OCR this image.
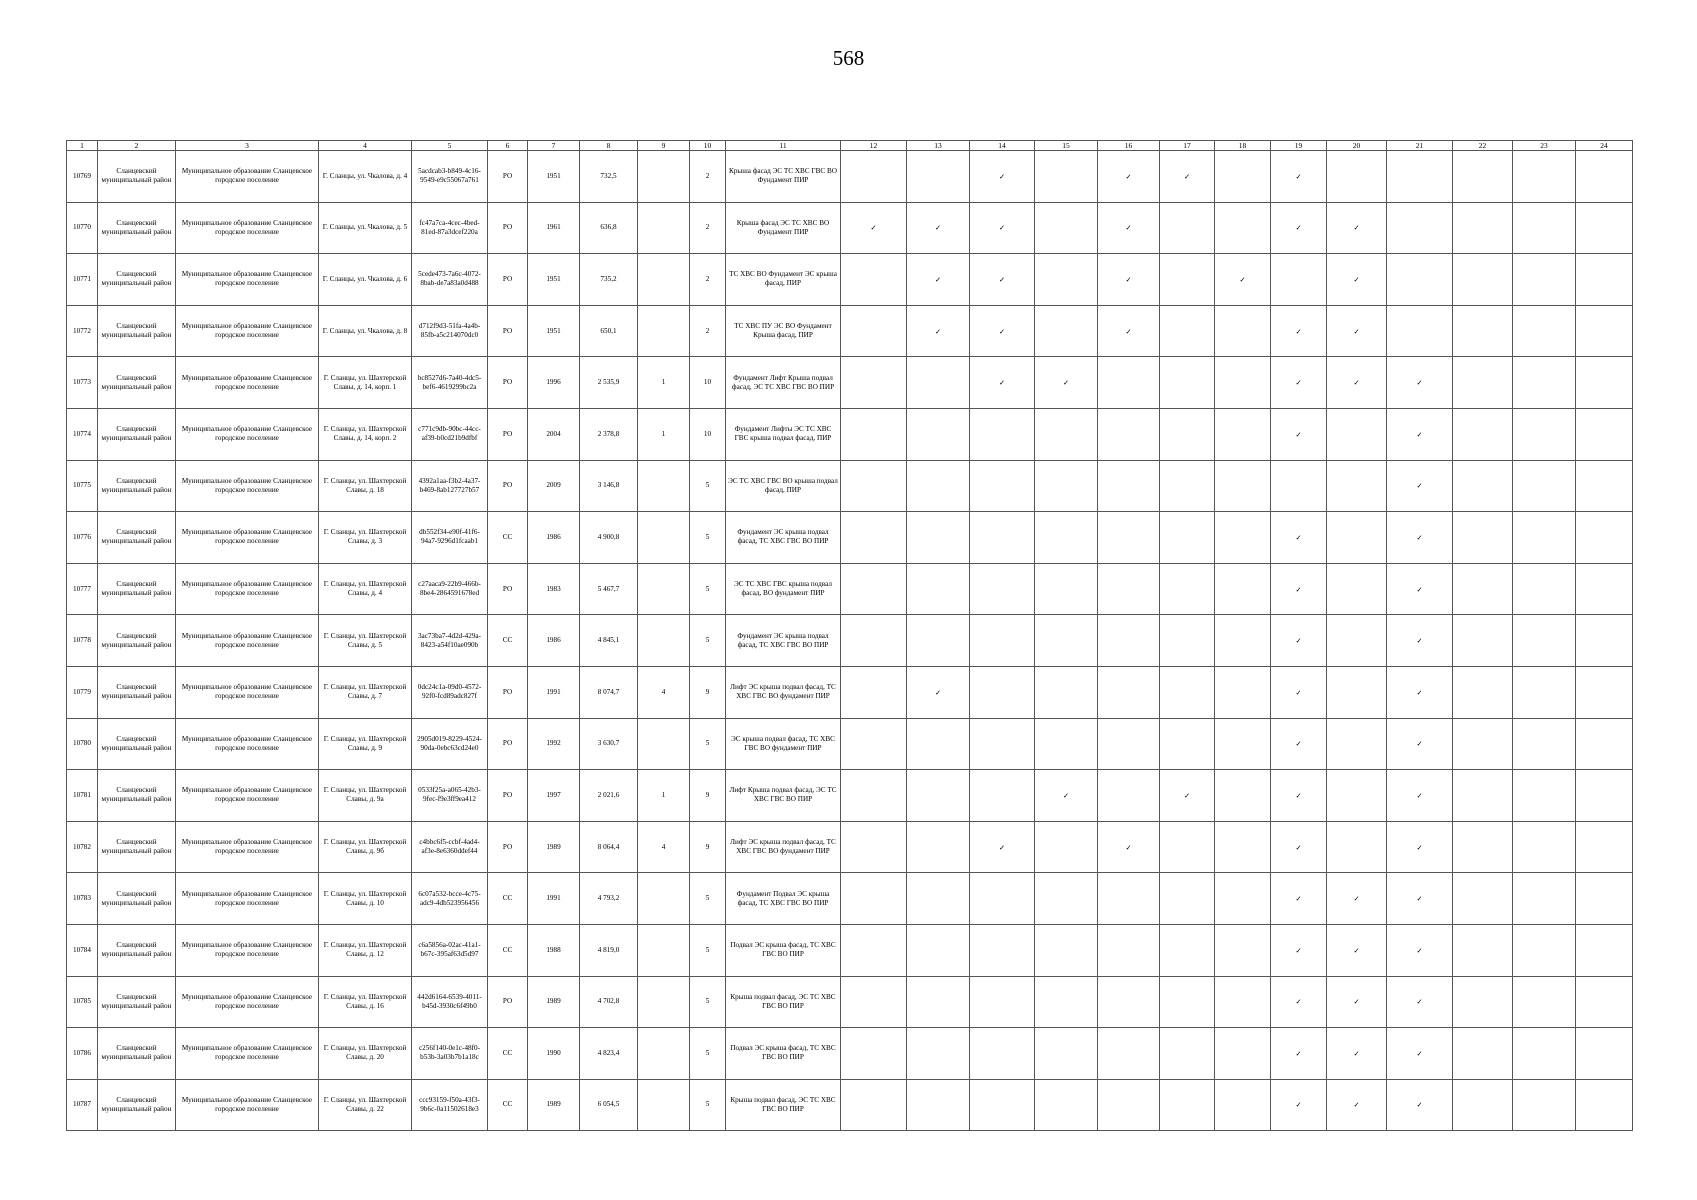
568
1	2	3	4	5	6	7	8	9	10	11	12	13	14	15	16	17	18	19	20	21	22	23	24
10769	Сланцевский муниципальный район	Муниципальное образование Сланцевское городское поселение	Г. Сланцы, ул. Чкалова, д. 4	5acdcab3-b849-4c16-9549-e9c55067a761	РО	1951	732,5		2	Крыша фасад ЭС ТС ХВС ГВС ВО Фундамент ПИР			✓		✓	✓		✓					
10770	Сланцевский муниципальный район	Муниципальное образование Сланцевское городское поселение	Г. Сланцы, ул. Чкалова, д. 5	fc47a7ca-4cec-4bed-81ed-87a3dcef220a	РО	1961	636,8		2	Крыша фасад ЭС ТС ХВС ВО Фундамент ПИР	✓	✓	✓		✓			✓	✓				
10771	Сланцевский муниципальный район	Муниципальное образование Сланцевское городское поселение	Г. Сланцы, ул. Чкалова, д. 6	5cede473-7a6c-4072-8bab-de7a83a0d488	РО	1951	735,2		2	ТС ХВС ВО Фундамент ЭС крыша фасад, ПИР		✓	✓		✓		✓		✓				
10772	Сланцевский муниципальный район	Муниципальное образование Сланцевское городское поселение	Г. Сланцы, ул. Чкалова, д. 8	d712f9d3-51fa-4a4b-85fb-a5c214070dc0	РО	1951	650,1		2	ТС ХВС ПУ ЭС ВО Фундамент Крыша фасад, ПИР		✓	✓		✓			✓	✓				
10773	Сланцевский муниципальный район	Муниципальное образование Сланцевское городское поселение	Г. Сланцы, ул. Шахтерской Славы, д. 14, корп. 1	bc8527d6-7a40-4dc5-bef6-4619299bc2a	РО	1996	2 535,9	1	10	Фундамент Лифт Крыша подвал фасад, ЭС ТС ХВС ГВС ВО ПИР			✓	✓				✓	✓	✓			
10774	Сланцевский муниципальный район	Муниципальное образование Сланцевское городское поселение	Г. Сланцы, ул. Шахтерской Славы, д. 14, корп. 2	c771c9db-90bc-44cc-af39-b0cd21b9dfbf	РО	2004	2 378,8	1	10	Фундамент Лифты ЭС ТС ХВС ГВС крыша подвал фасад, ПИР								✓		✓			
10775	Сланцевский муниципальный район	Муниципальное образование Сланцевское городское поселение	Г. Сланцы, ул. Шахтерской Славы, д. 18	4392a1aa-f3b2-4a37-b469-8ab127727b57	РО	2009	3 146,8		5	ЭС ТС ХВС ГВС ВО крыша подвал фасад, ПИР										✓			
10776	Сланцевский муниципальный район	Муниципальное образование Сланцевское городское поселение	Г. Сланцы, ул. Шахтерской Славы, д. 3	db552f34-e90f-41f6-94a7-9296d1fcaab1	СС	1986	4 900,8		5	Фундамент ЭС крыша подвал фасад, ТС ХВС ГВС ВО ПИР								✓		✓			
10777	Сланцевский муниципальный район	Муниципальное образование Сланцевское городское поселение	Г. Сланцы, ул. Шахтерской Славы, д. 4	c27aaca9-22b9-466b-8be4-2864591678ed	РО	1983	5 467,7		5	ЭС ТС ХВС ГВС крыша подвал фасад, ВО фундамент ПИР								✓		✓			
10778	Сланцевский муниципальный район	Муниципальное образование Сланцевское городское поселение	Г. Сланцы, ул. Шахтерской Славы, д. 5	3ac73ba7-4d2d-429a-8423-a54f10ae090b	СС	1986	4 845,1		5	Фундамент ЭС крыша подвал фасад, ТС ХВС ГВС ВО ПИР								✓		✓			
10779	Сланцевский муниципальный район	Муниципальное образование Сланцевское городское поселение	Г. Сланцы, ул. Шахтерской Славы, д. 7	0dc24c1a-09d0-4572-92f0-fcd89adc827f	РО	1991	8 074,7	4	9	Лифт ЭС крыша подвал фасад, ТС ХВС ГВС ВО фундамент ПИР		✓						✓		✓			
10780	Сланцевский муниципальный район	Муниципальное образование Сланцевское городское поселение	Г. Сланцы, ул. Шахтерской Славы, д. 9	2905d019-8229-4524-90da-0ebc63cd24e0	РО	1992	3 630,7		5	ЭС крыша подвал фасад, ТС ХВС ГВС ВО фундамент ПИР								✓		✓			
10781	Сланцевский муниципальный район	Муниципальное образование Сланцевское городское поселение	Г. Сланцы, ул. Шахтерской Славы, д. 9а	0533f25a-a065-42b3-9fec-f9e3ff9ea412	РО	1997	2 021,6	1	9	Лифт Крыша подвал фасад, ЭС ТС ХВС ГВС ВО ПИР				✓		✓		✓		✓			
10782	Сланцевский муниципальный район	Муниципальное образование Сланцевское городское поселение	Г. Сланцы, ул. Шахтерской Славы, д. 9б	c4bbc6f5-ccbf-4ad4-af3e-8e6360ddef44	РО	1989	8 064,4	4	9	Лифт ЭС крыша подвал фасад, ТС ХВС ГВС ВО фундамент ПИР			✓		✓			✓		✓			
10783	Сланцевский муниципальный район	Муниципальное образование Сланцевское городское поселение	Г. Сланцы, ул. Шахтерской Славы, д. 10	6c07a532-bcce-4c75-adc9-4db523956456	СС	1991	4 793,2		5	Фундамент Подвал ЭС крыша фасад, ТС ХВС ГВС ВО ПИР								✓	✓	✓			
10784	Сланцевский муниципальный район	Муниципальное образование Сланцевское городское поселение	Г. Сланцы, ул. Шахтерской Славы, д. 12	c6a5856a-02ac-41a1-b67c-395af63d5d97	СС	1988	4 819,0		5	Подвал ЭС крыша фасад, ТС ХВС ГВС ВО ПИР								✓	✓	✓			
10785	Сланцевский муниципальный район	Муниципальное образование Сланцевское городское поселение	Г. Сланцы, ул. Шахтерской Славы, д. 16	442d6164-6539-4011-b45d-3930c6f49b0	РО	1989	4 702,8		5	Крыша подвал фасад, ЭС ТС ХВС ГВС ВО ПИР								✓	✓	✓			
10786	Сланцевский муниципальный район	Муниципальное образование Сланцевское городское поселение	Г. Сланцы, ул. Шахтерской Славы, д. 20	c256f140-0e1c-48f0-b53b-3a03b7b1a18c	СС	1990	4 823,4		5	Подвал ЭС крыша фасад, ТС ХВС ГВС ВО ПИР								✓	✓	✓			
10787	Сланцевский муниципальный район	Муниципальное образование Сланцевское городское поселение	Г. Сланцы, ул. Шахтерской Славы, д. 22	ccc93159-f50a-43f3-9b6c-0a11502618e3	СС	1989	6 054,5		5	Крыша подвал фасад, ЭС ТС ХВС ГВС ВО ПИР								✓	✓	✓			
